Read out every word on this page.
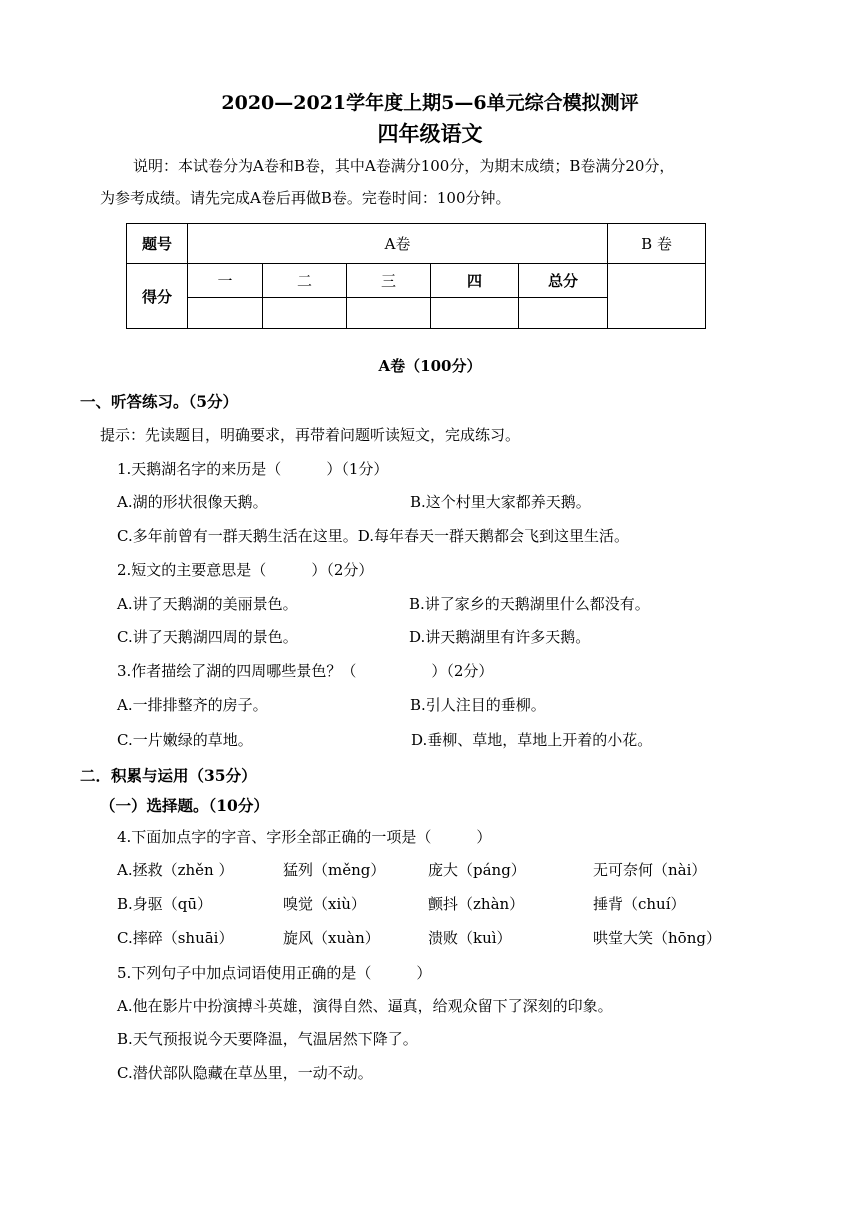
2020—2021学年度上期5—6单元综合模拟测评
四年级语文
说明：本试卷分为A卷和B卷，其中A卷满分100分，为期末成绩；B卷满分20分，
为参考成绩。请先完成A卷后再做B卷。完卷时间：100分钟。
题号	A卷					B 卷
得分	一	二	三	四	总分	

A卷（100分）
一、听答练习。（5分）
提示：先读题目，明确要求，再带着问题听读短文，完成练习。
1.天鹅湖名字的来历是（　　　）（1分）
A.湖的形状很像天鹅。	B.这个村里大家都养天鹅。
C.多年前曾有一群天鹅生活在这里。D.每年春天一群天鹅都会飞到这里生活。
2.短文的主要意思是（　　　）（2分）
A.讲了天鹅湖的美丽景色。	B.讲了家乡的天鹅湖里什么都没有。
C.讲了天鹅湖四周的景色。	D.讲天鹅湖里有许多天鹅。
3.作者描绘了湖的四周哪些景色？（　　　　　）（2分）
A.一排排整齐的房子。	B.引人注目的垂柳。
C.一片嫩绿的草地。	D.垂柳、草地，草地上开着的小花。
二．积累与运用（35分）
（一）选择题。（10分）
4.下面加点字的字音、字形全部正确的一项是（　　　）
A.拯救（zhěn ）	猛列（měng）	庞大（páng）	无可奈何（nài）
B.身驱（qū）	嗅觉（xiù）	颤抖（zhàn）	捶背（chuí）
C.摔碎（shuāi）	旋风（xuàn）	溃败（kuì）	哄堂大笑（hōng）
5.下列句子中加点词语使用正确的是（　　　）
A.他在影片中扮演搏斗英雄，演得自然、逼真，给观众留下了深刻的印象。
B.天气预报说今天要降温，气温居然下降了。
C.潜伏部队隐藏在草丛里，一动不动。
